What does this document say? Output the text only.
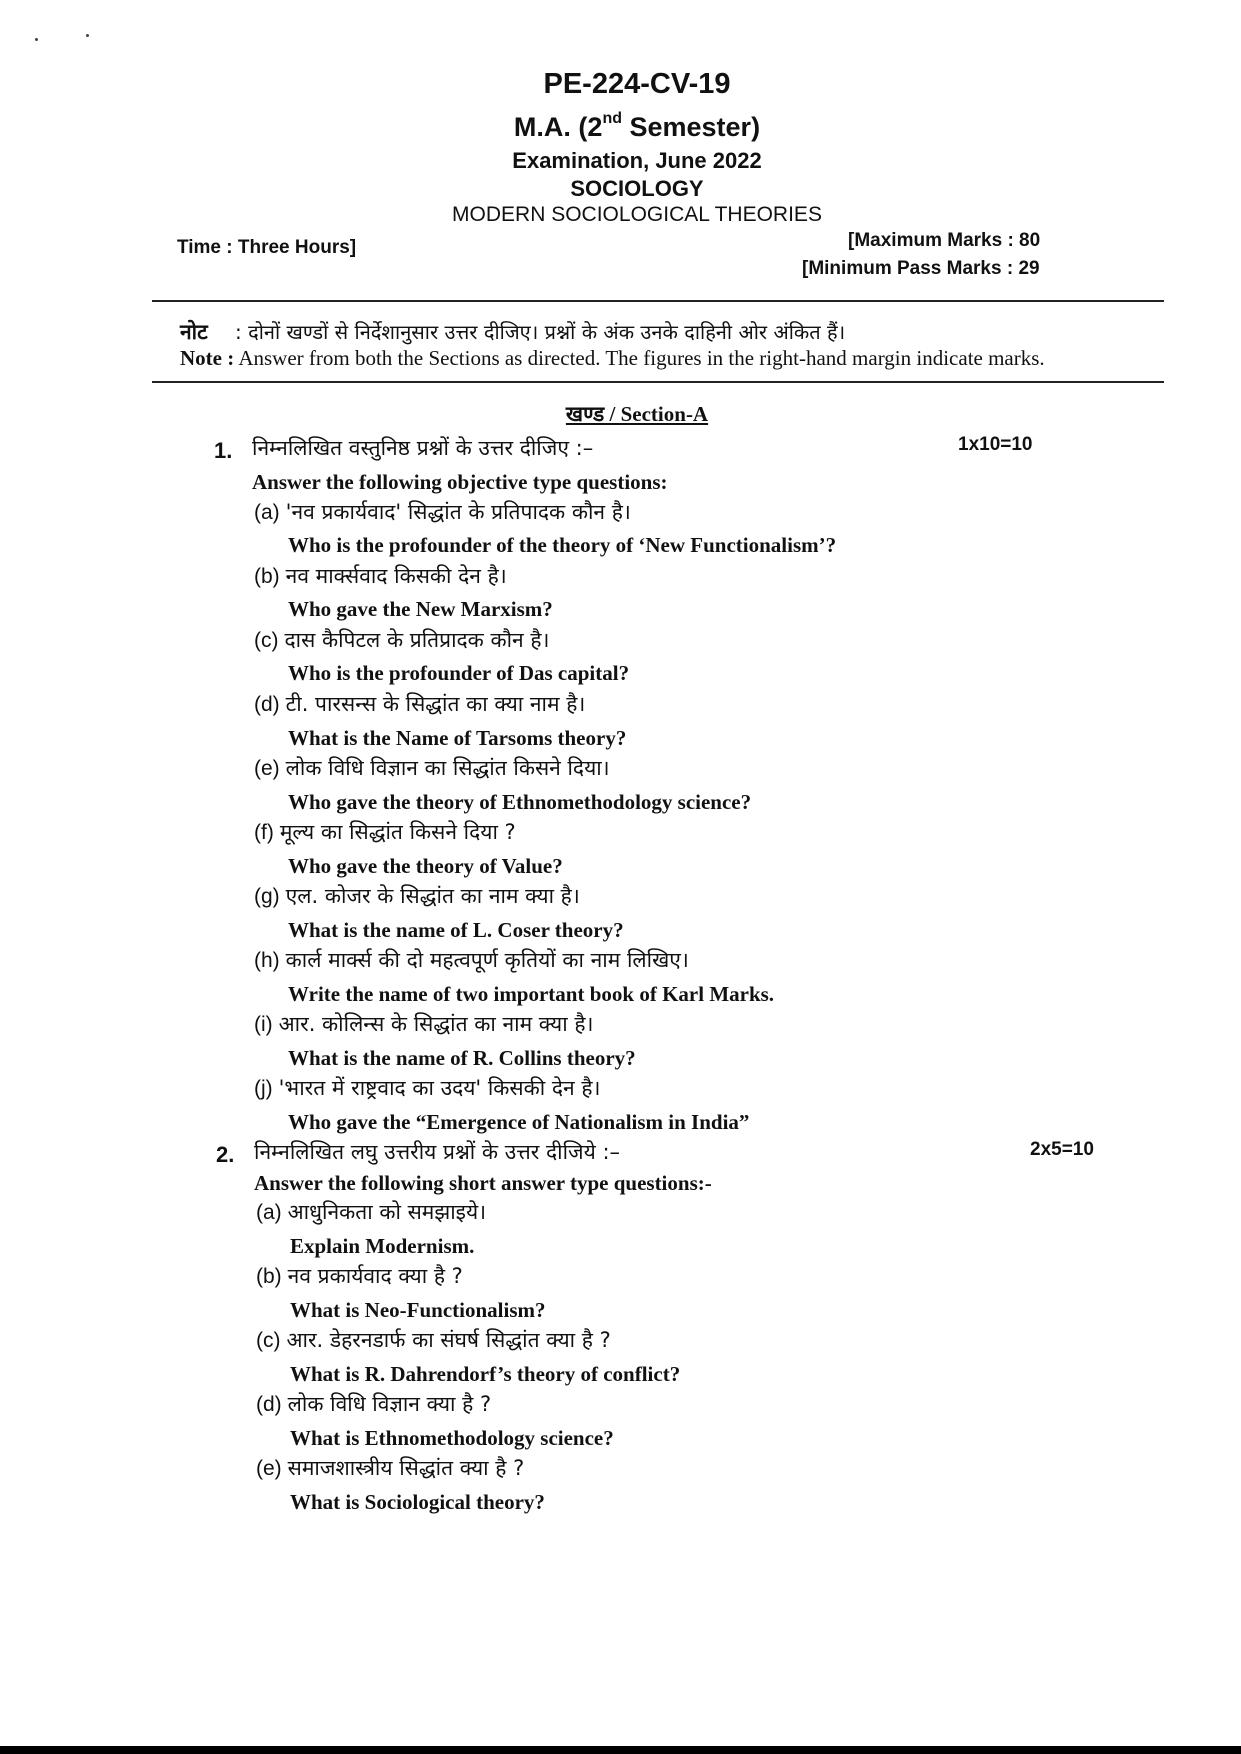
PE-224-CV-19
M.A. (2nd Semester)
Examination, June 2022
SOCIOLOGY
MODERN SOCIOLOGICAL THEORIES
Time : Three Hours]	[Maximum Marks : 80
[Minimum Pass Marks : 29
नोट : दोनों खण्डों से निर्देशानुसार उत्तर दीजिए। प्रश्नों के अंक उनके दाहिनी ओर अंकित हैं।
Note : Answer from both the Sections as directed. The figures in the right-hand margin indicate marks.
खण्ड / Section-A
1. निम्नलिखित वस्तुनिष्ठ प्रश्नों के उत्तर दीजिए :–	1x10=10
Answer the following objective type questions:
(a) 'नव प्रकार्यवाद' सिद्धांत के प्रतिपादक कौन है।
Who is the profounder of the theory of ‘New Functionalism’?
(b) नव मार्क्सवाद किसकी देन है।
Who gave the New Marxism?
(c) दास कैपिटल के प्रतिप्रादक कौन है।
Who is the profounder of Das capital?
(d) टी. पारसन्स के सिद्धांत का क्या नाम है।
What is the Name of Tarsoms theory?
(e) लोक विधि विज्ञान का सिद्धांत किसने दिया।
Who gave the theory of Ethnomethodology science?
(f) मूल्य का सिद्धांत किसने दिया ?
Who gave the theory of Value?
(g) एल. कोजर के सिद्धांत का नाम क्या है।
What is the name of L. Coser theory?
(h) कार्ल मार्क्स की दो महत्वपूर्ण कृतियों का नाम लिखिए।
Write the name of two important book of Karl Marks.
(i) आर. कोलिन्स के सिद्धांत का नाम क्या है।
What is the name of R. Collins theory?
(j) 'भारत में राष्ट्रवाद का उदय' किसकी देन है।
Who gave the “Emergence of Nationalism in India”
2. निम्नलिखित लघु उत्तरीय प्रश्नों के उत्तर दीजिये :–	2x5=10
Answer the following short answer type questions:-
(a) आधुनिकता को समझाइये।
Explain Modernism.
(b) नव प्रकार्यवाद क्या है ?
What is Neo-Functionalism?
(c) आर. डेहरनडार्फ का संघर्ष सिद्धांत क्या है ?
What is R. Dahrendorf’s theory of conflict?
(d) लोक विधि विज्ञान क्या है ?
What is Ethnomethodology science?
(e) समाजशास्त्रीय सिद्धांत क्या है ?
What is Sociological theory?
